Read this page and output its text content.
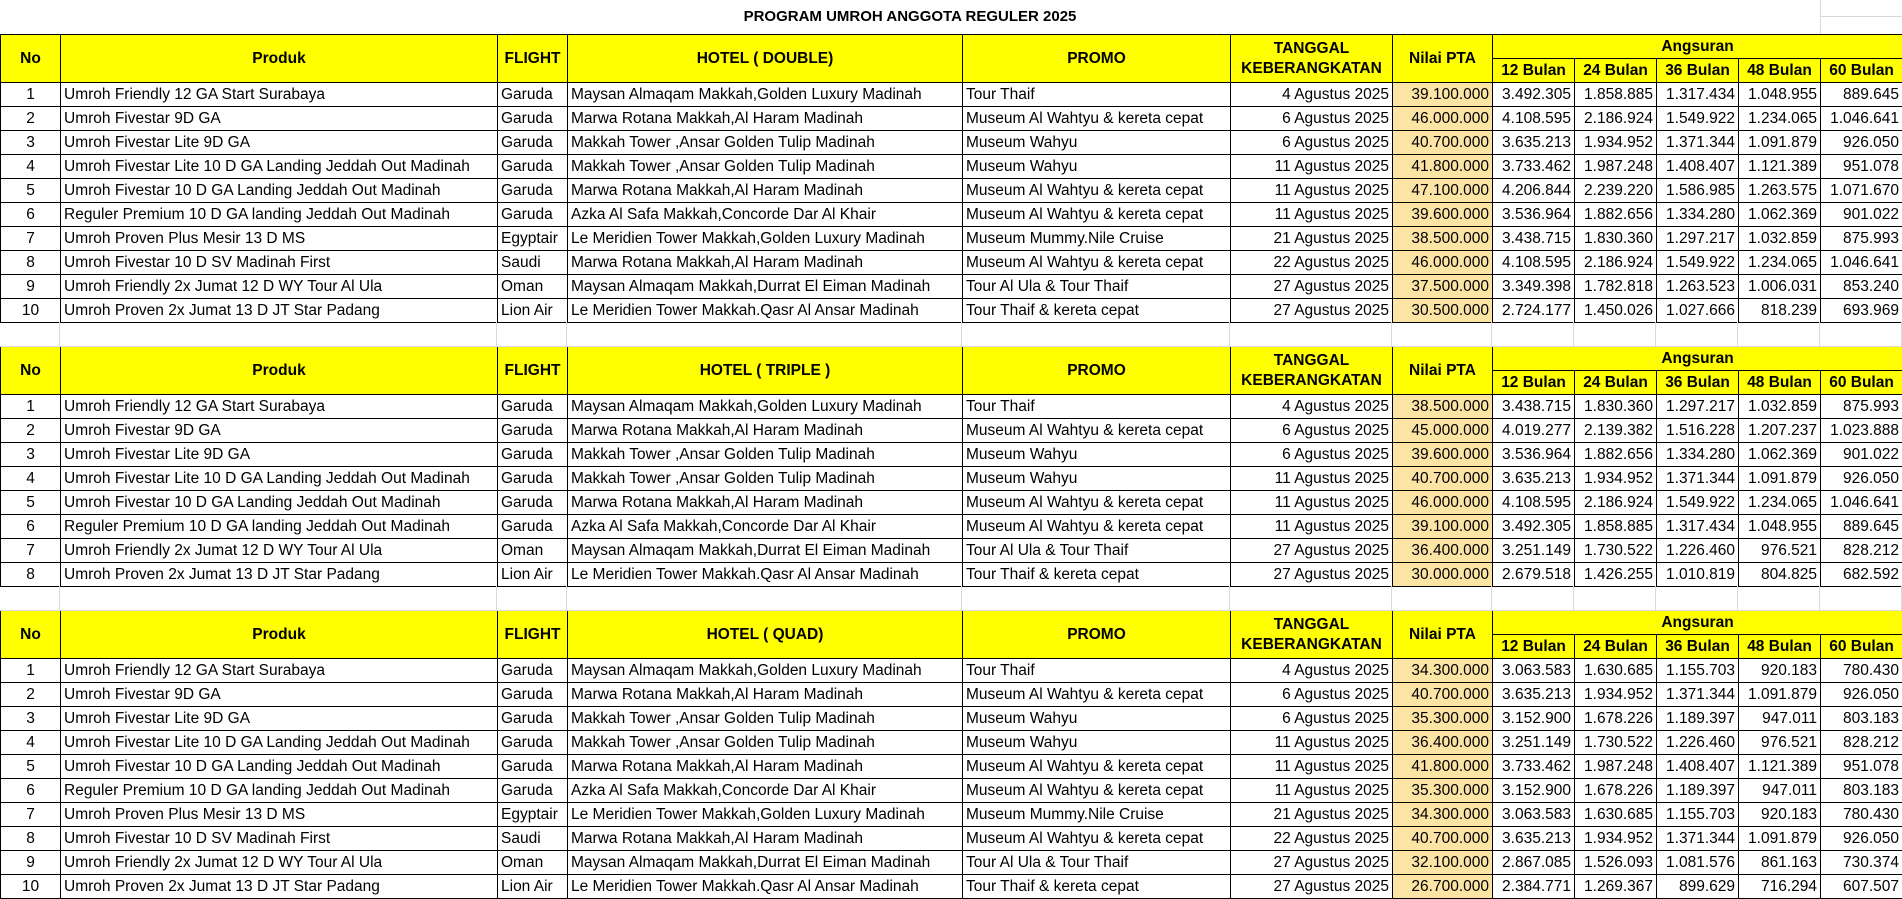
PROGRAM UMROH ANGGOTA REGULER 2025
No	Produk	FLIGHT	HOTEL ( DOUBLE)	PROMO	TANGGAL KEBERANGKATAN	Nilai PTA	Angsuran				
							12 Bulan	24 Bulan	36 Bulan	48 Bulan	60 Bulan
1	Umroh Friendly 12 GA Start Surabaya	Garuda	Maysan Almaqam Makkah,Golden Luxury Madinah	Tour Thaif	4 Agustus 2025	39.100.000	3.492.305	1.858.885	1.317.434	1.048.955	889.645
2	Umroh Fivestar 9D GA	Garuda	Marwa Rotana Makkah,Al Haram Madinah	Museum Al Wahtyu & kereta cepat	6 Agustus 2025	46.000.000	4.108.595	2.186.924	1.549.922	1.234.065	1.046.641
3	Umroh Fivestar Lite 9D GA	Garuda	Makkah Tower ,Ansar Golden Tulip Madinah	Museum Wahyu	6 Agustus 2025	40.700.000	3.635.213	1.934.952	1.371.344	1.091.879	926.050
4	Umroh Fivestar Lite 10 D GA Landing Jeddah Out Madinah	Garuda	Makkah Tower ,Ansar Golden Tulip Madinah	Museum Wahyu	11 Agustus 2025	41.800.000	3.733.462	1.987.248	1.408.407	1.121.389	951.078
5	Umroh Fivestar 10 D GA Landing Jeddah Out Madinah	Garuda	Marwa Rotana Makkah,Al Haram Madinah	Museum Al Wahtyu & kereta cepat	11 Agustus 2025	47.100.000	4.206.844	2.239.220	1.586.985	1.263.575	1.071.670
6	Reguler Premium 10 D GA landing Jeddah Out Madinah	Garuda	Azka Al Safa Makkah,Concorde Dar Al Khair	Museum Al Wahtyu & kereta cepat	11 Agustus 2025	39.600.000	3.536.964	1.882.656	1.334.280	1.062.369	901.022
7	Umroh Proven Plus Mesir 13 D MS	Egyptair	Le Meridien Tower Makkah,Golden Luxury Madinah	Museum Mummy.Nile Cruise	21 Agustus 2025	38.500.000	3.438.715	1.830.360	1.297.217	1.032.859	875.993
8	Umroh Fivestar 10 D SV Madinah First	Saudi	Marwa Rotana Makkah,Al Haram Madinah	Museum Al Wahtyu & kereta cepat	22 Agustus 2025	46.000.000	4.108.595	2.186.924	1.549.922	1.234.065	1.046.641
9	Umroh Friendly 2x Jumat 12 D WY Tour Al Ula	Oman	Maysan Almaqam Makkah,Durrat El Eiman Madinah	Tour Al Ula & Tour Thaif	27 Agustus 2025	37.500.000	3.349.398	1.782.818	1.263.523	1.006.031	853.240
10	Umroh Proven 2x Jumat 13 D JT Star Padang	Lion Air	Le Meridien Tower Makkah.Qasr Al Ansar Madinah	Tour Thaif & kereta cepat	27 Agustus 2025	30.500.000	2.724.177	1.450.026	1.027.666	818.239	693.969
No	Produk	FLIGHT	HOTEL ( TRIPLE )	PROMO	TANGGAL KEBERANGKATAN	Nilai PTA	Angsuran				
							12 Bulan	24 Bulan	36 Bulan	48 Bulan	60 Bulan
1	Umroh Friendly 12 GA Start Surabaya	Garuda	Maysan Almaqam Makkah,Golden Luxury Madinah	Tour Thaif	4 Agustus 2025	38.500.000	3.438.715	1.830.360	1.297.217	1.032.859	875.993
2	Umroh Fivestar 9D GA	Garuda	Marwa Rotana Makkah,Al Haram Madinah	Museum Al Wahtyu & kereta cepat	6 Agustus 2025	45.000.000	4.019.277	2.139.382	1.516.228	1.207.237	1.023.888
3	Umroh Fivestar Lite 9D GA	Garuda	Makkah Tower ,Ansar Golden Tulip Madinah	Museum Wahyu	6 Agustus 2025	39.600.000	3.536.964	1.882.656	1.334.280	1.062.369	901.022
4	Umroh Fivestar Lite 10 D GA Landing Jeddah Out Madinah	Garuda	Makkah Tower ,Ansar Golden Tulip Madinah	Museum Wahyu	11 Agustus 2025	40.700.000	3.635.213	1.934.952	1.371.344	1.091.879	926.050
5	Umroh Fivestar 10 D GA Landing Jeddah Out Madinah	Garuda	Marwa Rotana Makkah,Al Haram Madinah	Museum Al Wahtyu & kereta cepat	11 Agustus 2025	46.000.000	4.108.595	2.186.924	1.549.922	1.234.065	1.046.641
6	Reguler Premium 10 D GA landing Jeddah Out Madinah	Garuda	Azka Al Safa Makkah,Concorde Dar Al Khair	Museum Al Wahtyu & kereta cepat	11 Agustus 2025	39.100.000	3.492.305	1.858.885	1.317.434	1.048.955	889.645
7	Umroh Friendly 2x Jumat 12 D WY Tour Al Ula	Oman	Maysan Almaqam Makkah,Durrat El Eiman Madinah	Tour Al Ula & Tour Thaif	27 Agustus 2025	36.400.000	3.251.149	1.730.522	1.226.460	976.521	828.212
8	Umroh Proven 2x Jumat 13 D JT Star Padang	Lion Air	Le Meridien Tower Makkah.Qasr Al Ansar Madinah	Tour Thaif & kereta cepat	27 Agustus 2025	30.000.000	2.679.518	1.426.255	1.010.819	804.825	682.592
No	Produk	FLIGHT	HOTEL ( QUAD)	PROMO	TANGGAL KEBERANGKATAN	Nilai PTA	Angsuran				
							12 Bulan	24 Bulan	36 Bulan	48 Bulan	60 Bulan
1	Umroh Friendly 12 GA Start Surabaya	Garuda	Maysan Almaqam Makkah,Golden Luxury Madinah	Tour Thaif	4 Agustus 2025	34.300.000	3.063.583	1.630.685	1.155.703	920.183	780.430
2	Umroh Fivestar 9D GA	Garuda	Marwa Rotana Makkah,Al Haram Madinah	Museum Al Wahtyu & kereta cepat	6 Agustus 2025	40.700.000	3.635.213	1.934.952	1.371.344	1.091.879	926.050
3	Umroh Fivestar Lite 9D GA	Garuda	Makkah Tower ,Ansar Golden Tulip Madinah	Museum Wahyu	6 Agustus 2025	35.300.000	3.152.900	1.678.226	1.189.397	947.011	803.183
4	Umroh Fivestar Lite 10 D GA Landing Jeddah Out Madinah	Garuda	Makkah Tower ,Ansar Golden Tulip Madinah	Museum Wahyu	11 Agustus 2025	36.400.000	3.251.149	1.730.522	1.226.460	976.521	828.212
5	Umroh Fivestar 10 D GA Landing Jeddah Out Madinah	Garuda	Marwa Rotana Makkah,Al Haram Madinah	Museum Al Wahtyu & kereta cepat	11 Agustus 2025	41.800.000	3.733.462	1.987.248	1.408.407	1.121.389	951.078
6	Reguler Premium 10 D GA landing Jeddah Out Madinah	Garuda	Azka Al Safa Makkah,Concorde Dar Al Khair	Museum Al Wahtyu & kereta cepat	11 Agustus 2025	35.300.000	3.152.900	1.678.226	1.189.397	947.011	803.183
7	Umroh Proven Plus Mesir 13 D MS	Egyptair	Le Meridien Tower Makkah,Golden Luxury Madinah	Museum Mummy.Nile Cruise	21 Agustus 2025	34.300.000	3.063.583	1.630.685	1.155.703	920.183	780.430
8	Umroh Fivestar 10 D SV Madinah First	Saudi	Marwa Rotana Makkah,Al Haram Madinah	Museum Al Wahtyu & kereta cepat	22 Agustus 2025	40.700.000	3.635.213	1.934.952	1.371.344	1.091.879	926.050
9	Umroh Friendly 2x Jumat 12 D WY Tour Al Ula	Oman	Maysan Almaqam Makkah,Durrat El Eiman Madinah	Tour Al Ula & Tour Thaif	27 Agustus 2025	32.100.000	2.867.085	1.526.093	1.081.576	861.163	730.374
10	Umroh Proven 2x Jumat 13 D JT Star Padang	Lion Air	Le Meridien Tower Makkah.Qasr Al Ansar Madinah	Tour Thaif & kereta cepat	27 Agustus 2025	26.700.000	2.384.771	1.269.367	899.629	716.294	607.507
